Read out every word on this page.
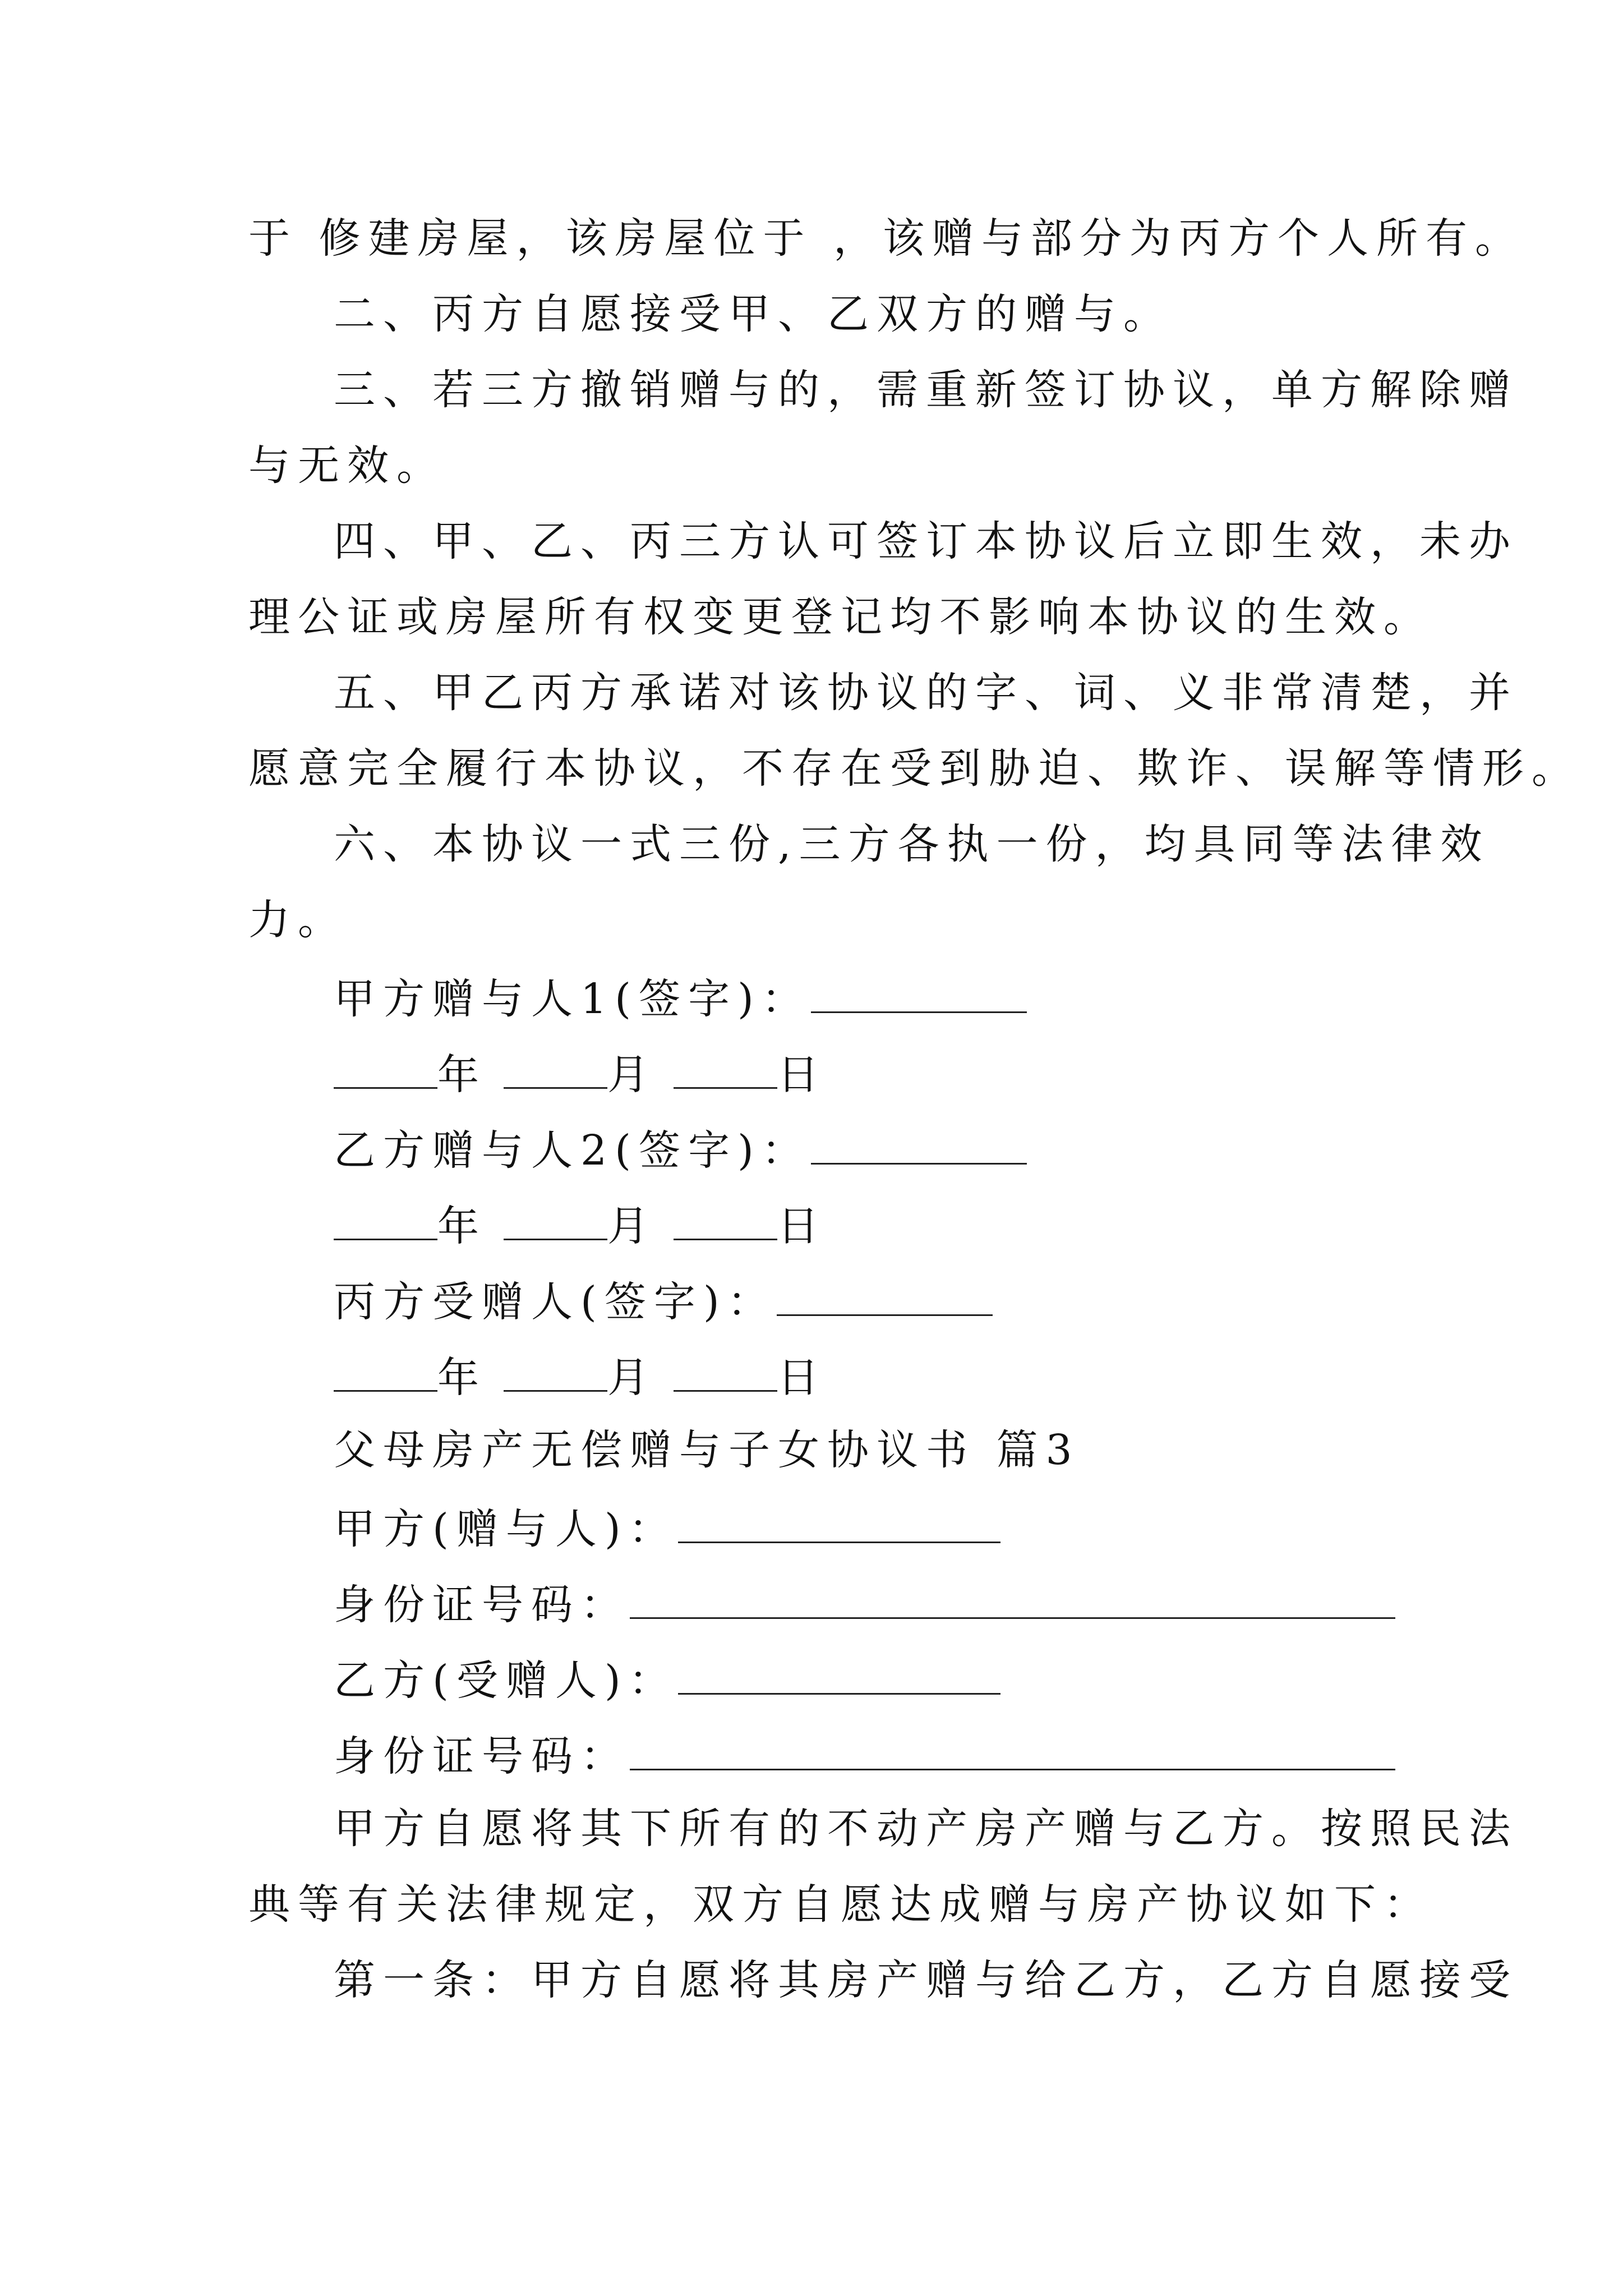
于 修建房屋，该房屋位于 ，该赠与部分为丙方个人所有。
二、丙方自愿接受甲、乙双方的赠与。
三、若三方撤销赠与的，需重新签订协议，单方解除赠
与无效。
四、甲、乙、丙三方认可签订本协议后立即生效，未办
理公证或房屋所有权变更登记均不影响本协议的生效。
五、甲乙丙方承诺对该协议的字、词、义非常清楚，并
愿意完全履行本协议，不存在受到胁迫、欺诈、误解等情形。
六、本协议一式三份,三方各执一份，均具同等法律效
力。
甲方赠与人1(签字)：
年	月	日
乙方赠与人2(签字)：
年	月	日
丙方受赠人(签字)：
年	月	日
父母房产无偿赠与子女协议书 篇3
甲方(赠与人)：
身份证号码：
乙方(受赠人)：
身份证号码：
甲方自愿将其下所有的不动产房产赠与乙方。按照民法
典等有关法律规定，双方自愿达成赠与房产协议如下：
第一条：甲方自愿将其房产赠与给乙方，乙方自愿接受
